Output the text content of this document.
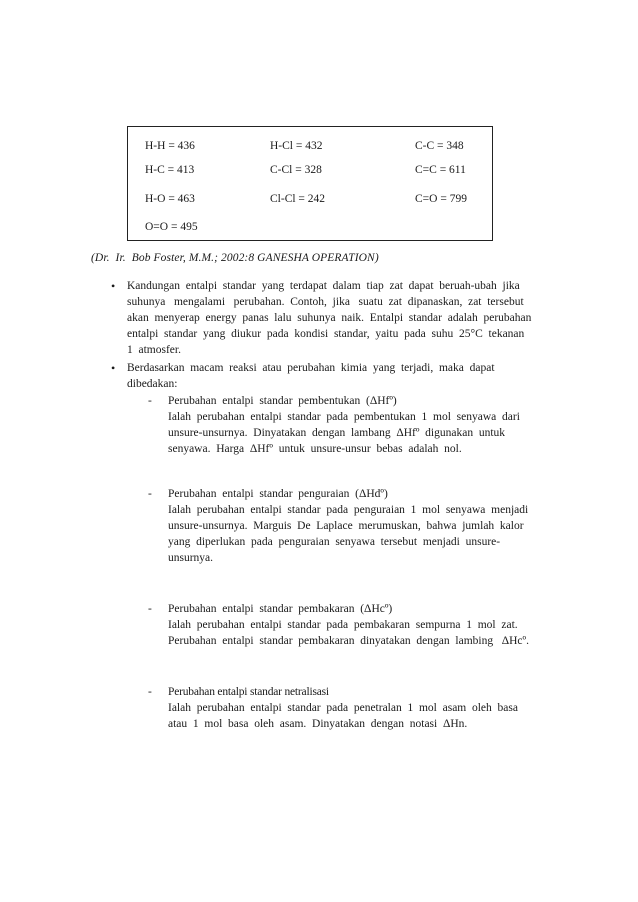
H-H = 436	H-Cl = 432	C-C = 348
H-C = 413	C-Cl = 328	C=C = 611
H-O = 463	Cl-Cl = 242	C=O = 799
O=O = 495
(Dr.  Ir.  Bob Foster, M.M.; 2002:8 GANESHA OPERATION)
• Kandungan  entalpi  standar  yang  terdapat  dalam  tiap  zat  dapat  beruah-ubah  jika
suhunya   mengalami   perubahan.  Contoh,  jika   suatu  zat  dipanaskan,  zat  tersebut
akan  menyerap  energy  panas  lalu  suhunya  naik.  Entalpi  standar  adalah  perubahan
entalpi  standar  yang  diukur  pada  kondisi  standar,  yaitu  pada  suhu  25°C  tekanan
1  atmosfer.
• Berdasarkan  macam  reaksi  atau  perubahan  kimia  yang  terjadi,  maka  dapat
dibedakan:
- Perubahan  entalpi  standar  pembentukan  (ΔHfº)
Ialah  perubahan  entalpi  standar  pada  pembentukan  1  mol  senyawa  dari
unsure-unsurnya.  Dinyatakan  dengan  lambang  ΔHfº  digunakan  untuk
senyawa.  Harga  ΔHfº  untuk  unsure-unsur  bebas  adalah  nol.
- Perubahan  entalpi  standar  penguraian  (ΔHdº)
Ialah  perubahan  entalpi  standar  pada  penguraian  1  mol  senyawa  menjadi
unsure-unsurnya.  Marguis  De  Laplace  merumuskan,  bahwa  jumlah  kalor
yang  diperlukan  pada  penguraian  senyawa  tersebut  menjadi  unsure-
unsurnya.
- Perubahan  entalpi  standar  pembakaran  (ΔHcº)
Ialah  perubahan  entalpi  standar  pada  pembakaran  sempurna  1  mol  zat.
Perubahan  entalpi  standar  pembakaran  dinyatakan  dengan  lambing   ΔHcº.
- Perubahan entalpi standar netralisasi
Ialah  perubahan  entalpi  standar  pada  penetralan  1  mol  asam  oleh  basa
atau  1  mol  basa  oleh  asam.  Dinyatakan  dengan  notasi  ΔHn.
